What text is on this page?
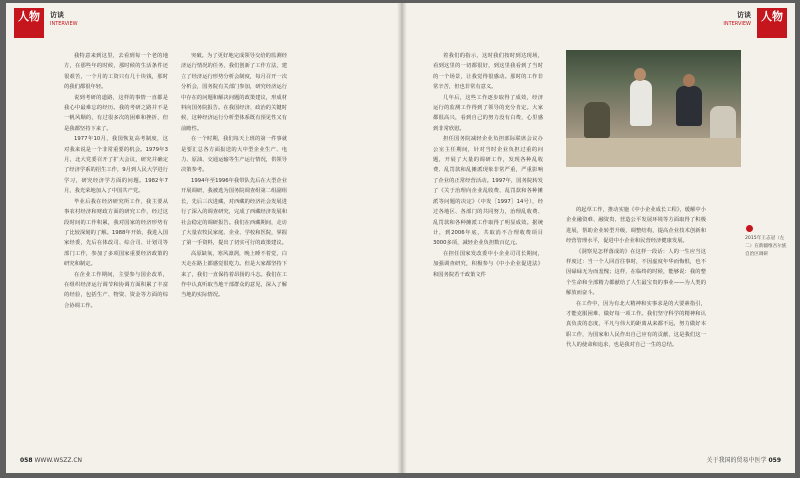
人物	访谈
INTERVIEW
人物
访谈
INTERVIEW

我特意来到这里，去看到每一个老的地方，在那些年的时候，那时候的生活条件还很艰苦，一个月的工资只有几十块钱，那时的我们都很年轻。

说到考研的道路，这样的事情一直都是我心中最难忘的经历。我的考研之路并不是一帆风顺的，有过很多次的困难和挫折，但是我都坚持下来了。

1977年10月，我国恢复高考制度，这对我来说是一个非常重要的机会。1979年3月，北大党委召开了扩大会议，研究并确定了经济学系的招生工作，9月到人民大学进行学习，研究经济学方面的问题。1982年7月，我光荣地加入了中国共产党。

毕业后我在经济研究所工作，我主要从事农村经济和财政方面的研究工作，经过这段时间的工作积累，我对国家的经济形势有了比较深刻的了解。1988年开始，我进入国家经委，先后在体改司、综合司、计划司等部门工作，参加了多项国家重要经济政策的研究和制定。

在企业工作期间，主要参与国企改革，在组织经济运行调节和协调方面积累了丰富的经验，包括生产、物资、资金等方面的综合协调工作。

突破。为了更好地完成领导交给的监测经济运行情况的任务，我们创新了工作方法，建立了经济运行形势分析会制度，每月召开一次分析会，国务院有关部门参加，研究经济运行中存在的问题和解决问题的政策建议，形成材料向国务院报告。在我国经济、政治的关键时候，这种经济运行分析型体系既有预见性又有前瞻性。

在一个时期，我们每天上班的第一件事就是要汇总各方面报送的大中型企业生产、电力、原油、交通运输等生产运行情况，供领导决策参考。

1994年至1996年我带队先后在大型企业开展调研，我被选为国务院调查组第二组副组长，先后三次进藏，对西藏的经济社会发展进行了深入的调查研究，完成了西藏经济发展和社会稳定的调研报告。我们在西藏期间，走访了大量农牧民家庭、企业、学校和医院，掌握了第一手资料，提出了切实可行的政策建议。

高原缺氧，寒风凛冽，晚上睡不着觉，白天走在路上都感觉很吃力。但是大家都坚持下来了，我们一直保持着昂扬的斗志。我们在工作中认真听取当地干部群众的意见，深入了解当地的实际情况。

着我们的指示，这时我们按时到达现场，看到这里的一切都很好，到这里我看到了当时的一个场景，让我觉得很感动。那时的工作非常辛苦，但也非常有意义。

几年后，这些工作逐步取得了成效，经济运行的监测工作得到了领导的充分肯定。大家都很高兴，看到自己的努力没有白费，心里感到非常欣慰。

担任国务院减轻企业负担部际联席会议办公室主任期间，针对当时企业负担过重的问题，开展了大量的调研工作，发现各种乱收费、乱罚款和乱摊派现象非常严重，严重影响了企业的正常经营活动。1997年，国务院转发了《关于治理向企业乱收费、乱罚款和各种摊派等问题的决定》（中发［1997］14号），经过各地区、各部门的共同努力，治理乱收费、乱罚款和各种摊派工作取得了明显成效。据统计，到2006年底，共取消不合理收费项目3000多项，减轻企业负担数百亿元。

在担任国家发改委中小企业司司长期间，加强调查研究，积极参与《中小企业促进法》和国务院若干政策文件

2015年王志冠（左二）在新疆维吾尔族自治区调研

的起草工作，推动实施《中小企业成长工程》，缓解中小企业融资难、融资贵、营造公平发展环境等方面取得了积极进展，帮助企业转型升级，调整结构，提高企业技术创新和经营管理水平，促进中小企业和民营经济健康发展。

《洞察见怎样落成的》在这样一段话：人的一生应当这样度过：当一个人回首往事时，不因虚度年华而悔恨，也不因碌碌无为而羞愧；这样，在临终的时候，能够说：我的整个生命和全部精力都献给了人生最宝贵的事业——为人类的解放而奋斗。

在工作中，因为有北大精神和实事求是的大要素指引，才能克服困难、做好每一项工作。我们坚守科学的精神和认真负责的态度，平凡与伟大的距离从来都不远，努力做好本职工作，为国家和人民作出自己应有的贡献，这是我们这一代人的使命和追求，也是我对自己一生的总结。

058 WWW.WSZZ.CN	关于我国的贸易中医学 059
